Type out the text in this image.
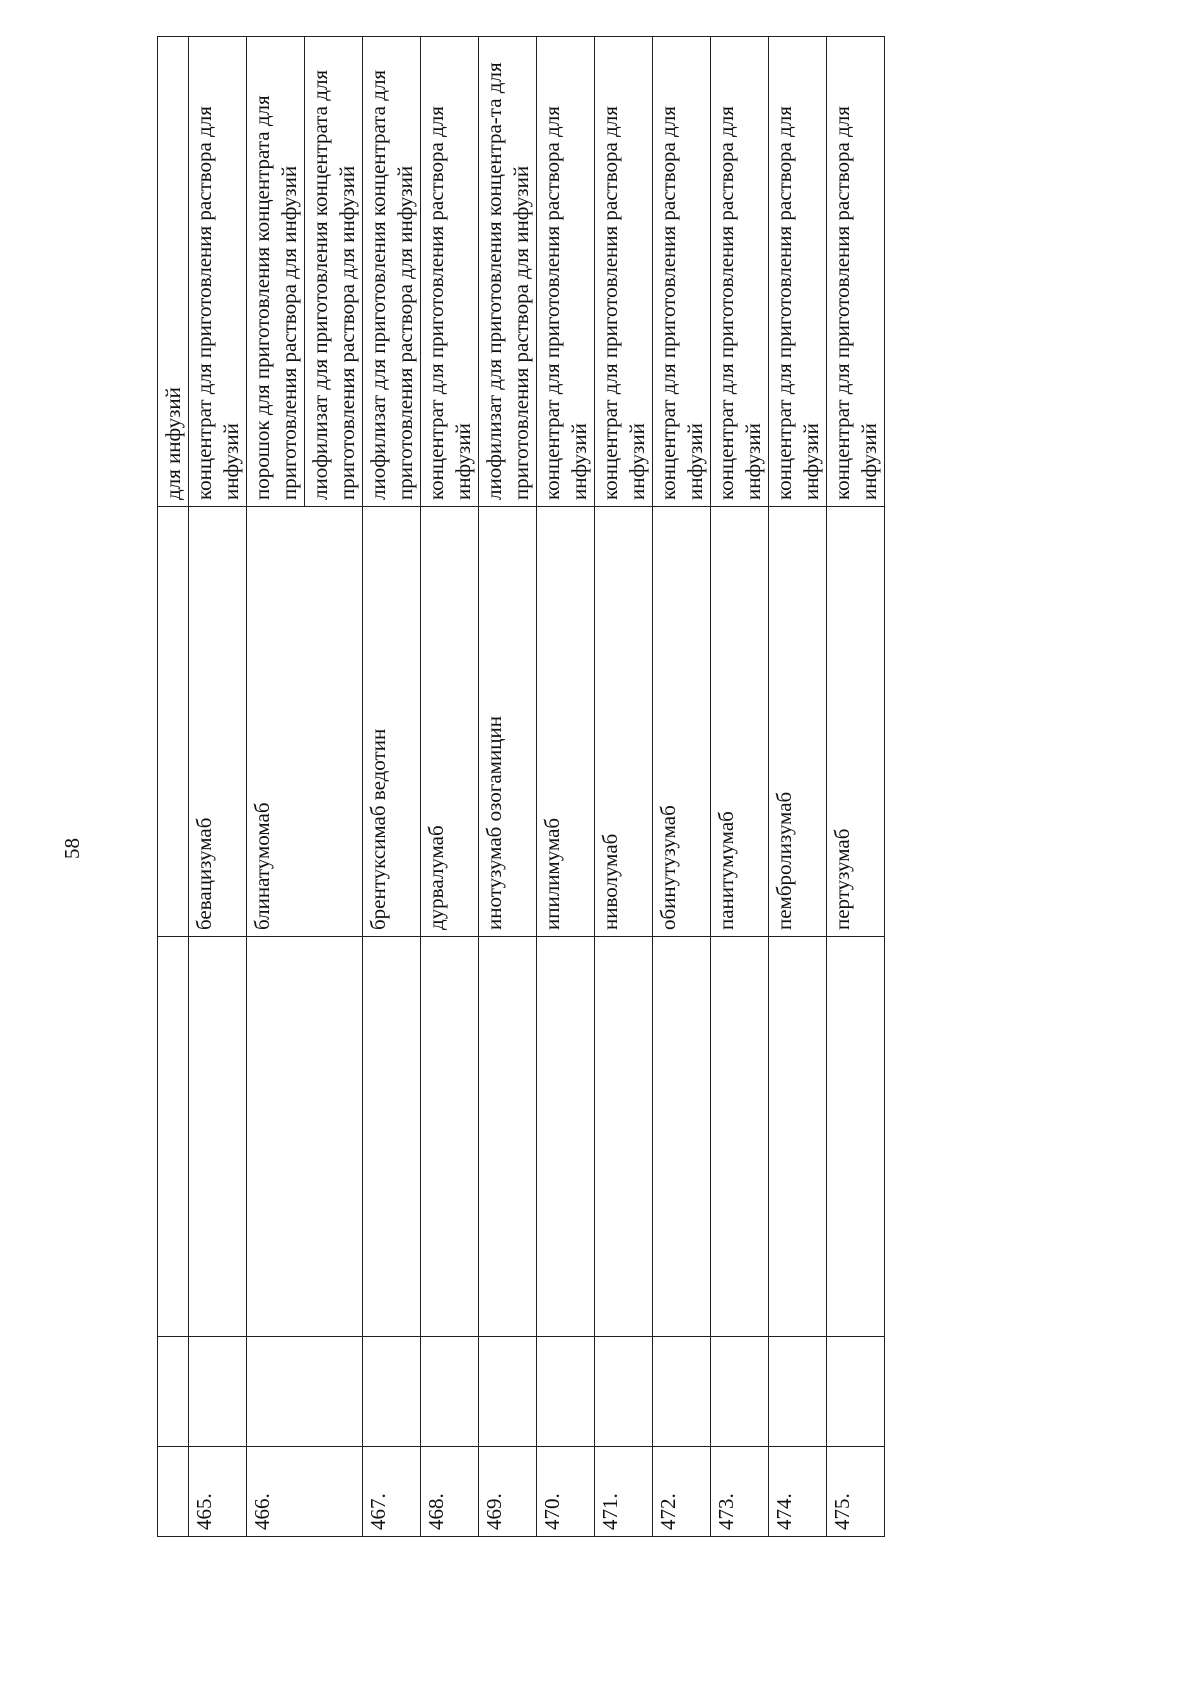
58

				для инфузий

465.			бевацизумаб	концентрат для приготовления раствора для инфузий

466.			блинатумомаб	порошок для приготовления концентрата для приготовления раствора для инфузий

				лиофилизат для приготовления концентрата для приготовления раствора для инфузий

467.			брентуксимаб ведотин	лиофилизат для приготовления концентрата для приготовления раствора для инфузий

468.			дурвалумаб	концентрат для приготовления раствора для инфузий

469.			инотузумаб озогамицин	лиофилизат для приготовления концентра-та для приготовления раствора для инфузий

470.			ипилимумаб	концентрат для приготовления раствора для инфузий

471.			ниволумаб	концентрат для приготовления раствора для инфузий

472.			обинутузумаб	концентрат для приготовления раствора для инфузий

473.			панитумумаб	концентрат для приготовления раствора для инфузий

474.			пембролизумаб	концентрат для приготовления раствора для инфузий

475.			пертузумаб	концентрат для приготовления раствора для инфузий
